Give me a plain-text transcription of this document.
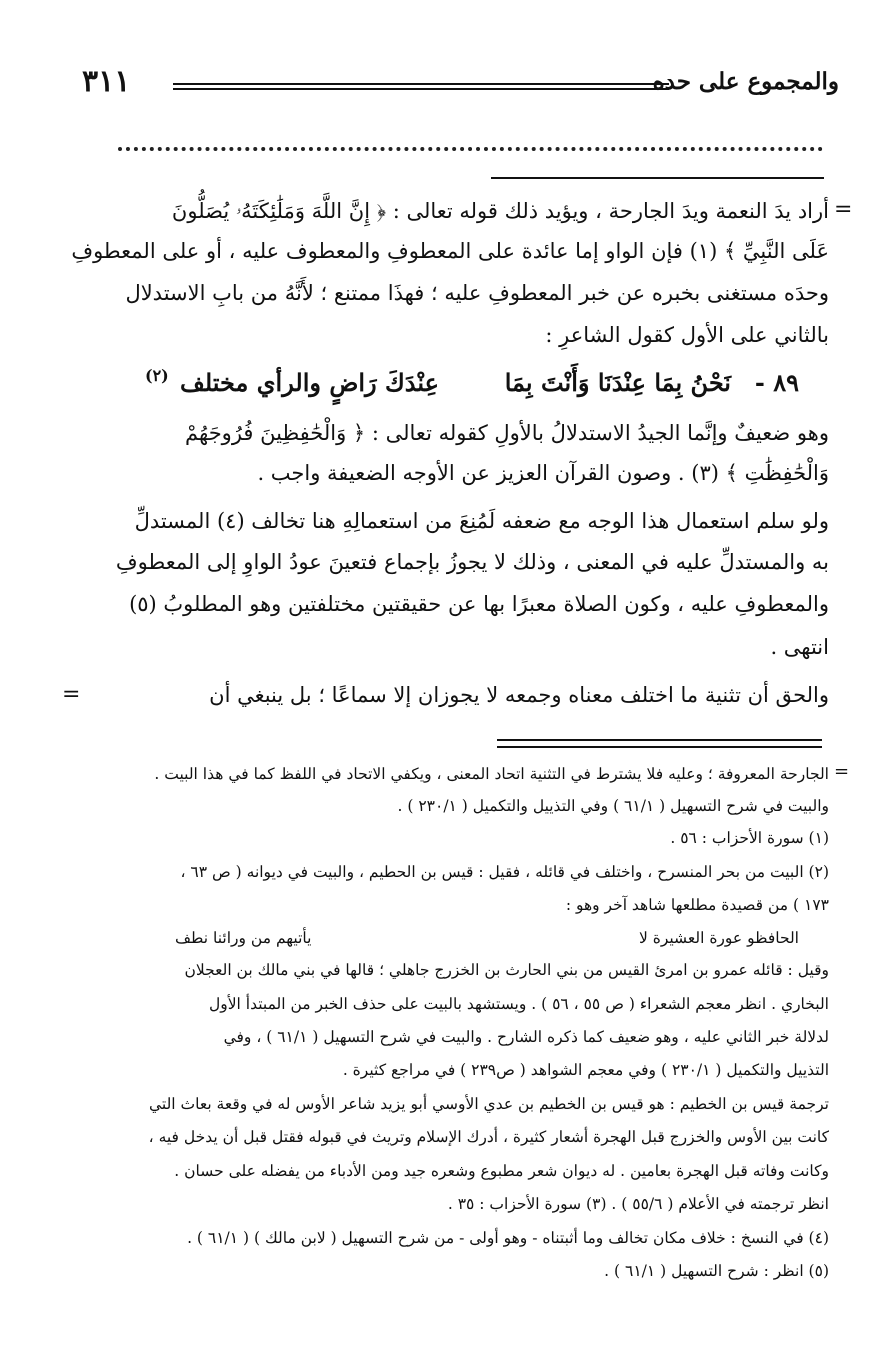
والمجموع على حده
٣١١
=
=
=
أراد يدَ النعمة ويدَ الجارحة ، ويؤيد ذلك قوله تعالى : ﴿ إِنَّ اللَّهَ وَمَلَٰئِكَتَهُۥ يُصَلُّونَ
عَلَى النَّبِيِّ ﴾ (١) فإن الواو إما عائدة على المعطوفِ والمعطوف عليه ، أو على المعطوفِ
وحدَه مستغنى بخبره عن خبر المعطوفِ عليه ؛ فهذَا ممتنع ؛ لأَنَّهُ من بابِ الاستدلال
بالثاني على الأول كقول الشاعرِ :
٨٩ -
نَحْنُ بِمَا عِنْدَنَا وَأَنْتَ بِمَا
عِنْدَكَ رَاضٍ والرأي مختلف
(٢)
وهو ضعيفٌ وإنَّما الجيدُ الاستدلالُ بالأولِ كقوله تعالى : ﴿ وَالْحَٰفِظِينَ فُرُوجَهُمْ
وَالْحَٰفِظَٰتِ ﴾ (٣) . وصون القرآن العزيز عن الأوجه الضعيفة واجب .
ولو سلم استعمال هذا الوجه مع ضعفه لَمُنِعَ من استعمالِهِ هنا تخالف (٤) المستدلِّ
به والمستدلِّ عليه في المعنى ، وذلك لا يجوزُ بإجماع فتعينَ عودُ الواوِ إلى المعطوفِ
والمعطوفِ عليه ، وكون الصلاة معبرًا بها عن حقيقتين مختلفتين وهو المطلوبُ (٥)
انتهى .
والحق أن تثنية ما اختلف معناه وجمعه لا يجوزان إلا سماعًا ؛ بل ينبغي أن
الجارحة المعروفة ؛ وعليه فلا يشترط في التثنية اتحاد المعنى ، ويكفي الاتحاد في اللفظ كما في هذا البيت .
والبيت في شرح التسهيل ( ٦١/١ ) وفي التذييل والتكميل ( ٢٣٠/١ ) .
(١) سورة الأحزاب : ٥٦ .
(٢) البيت من بحر المنسرح ، واختلف في قائله ، فقيل : قيس بن الحطيم ، والبيت في ديوانه ( ص ٦٣ ،
١٧٣ ) من قصيدة مطلعها شاهد آخر وهو :
الحافظو عورة العشيرة لا
يأتيهم من ورائنا نطف
وقيل : قائله عمرو بن امرئ القيس من بني الحارث بن الخزرج جاهلي ؛ قالها في بني مالك بن العجلان
البخاري . انظر معجم الشعراء ( ص ٥٥ ، ٥٦ ) . ويستشهد بالبيت على حذف الخبر من المبتدأ الأول
لدلالة خبر الثاني عليه ، وهو ضعيف كما ذكره الشارح . والبيت في شرح التسهيل ( ٦١/١ ) ، وفي
التذييل والتكميل ( ٢٣٠/١ ) وفي معجم الشواهد ( ص٢٣٩ ) في مراجع كثيرة .
ترجمة قيس بن الخطيم : هو قيس بن الخطيم بن عدي الأوسي أبو يزيد شاعر الأوس له في وقعة بعاث التي
كانت بين الأوس والخزرج قبل الهجرة أشعار كثيرة ، أدرك الإسلام وتريث في قبوله فقتل قبل أن يدخل فيه ،
وكانت وفاته قبل الهجرة بعامين . له ديوان شعر مطبوع وشعره جيد ومن الأدباء من يفضله على حسان .
انظر ترجمته في الأعلام ( ٥٥/٦ ) . (٣) سورة الأحزاب : ٣٥ .
(٤) في النسخ : خلاف مكان تخالف وما أثبتناه - وهو أولى - من شرح التسهيل ( لابن مالك ) ( ٦١/١ ) .
(٥) انظر : شرح التسهيل ( ٦١/١ ) .
